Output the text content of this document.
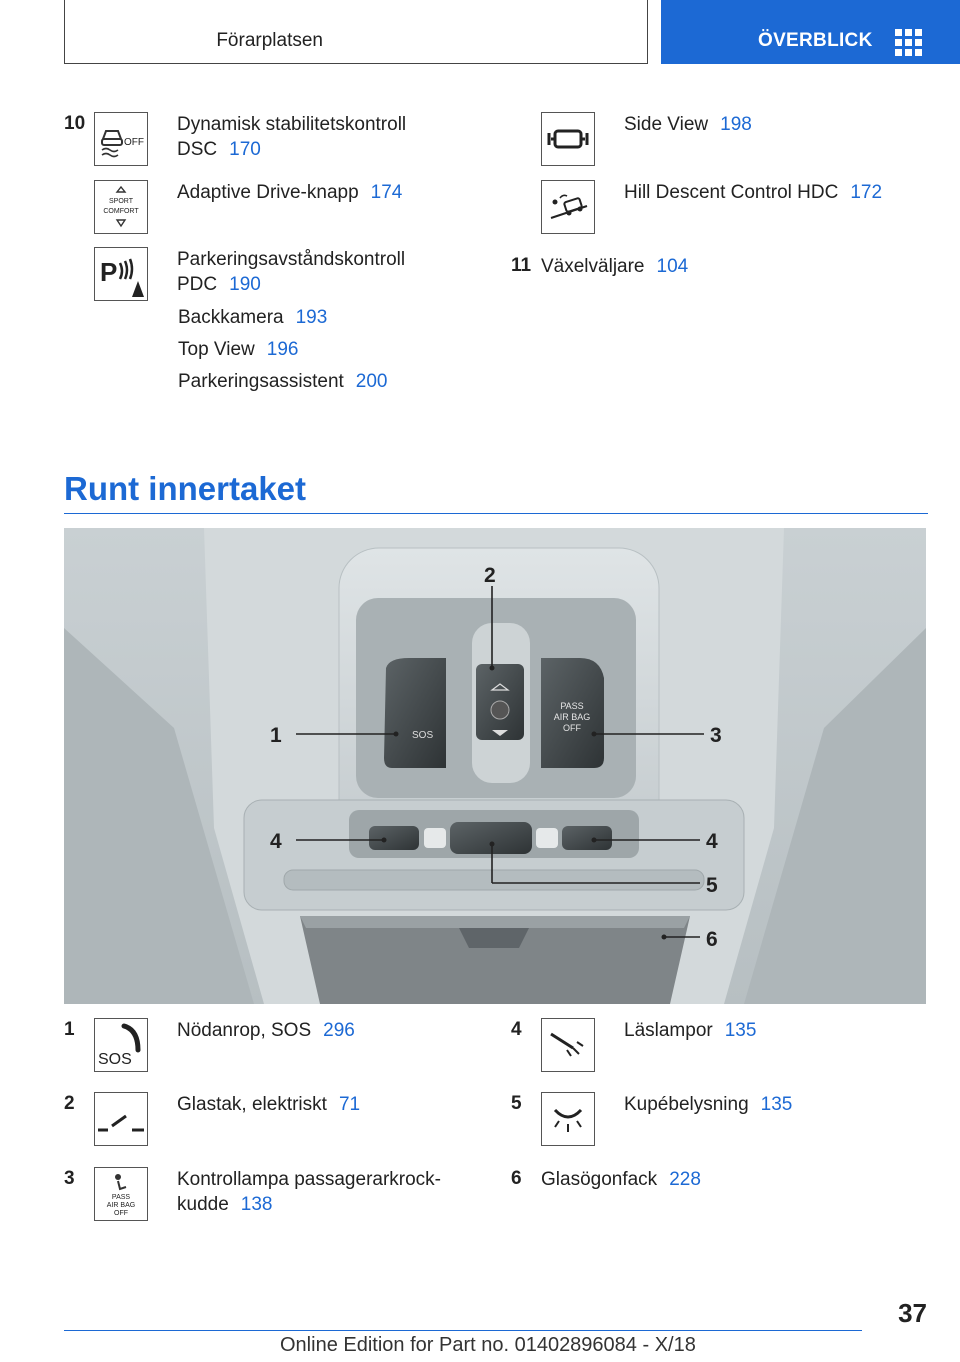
Förarplatsen	ÖVERBLICK
10
OFF
Dynamisk stabilitetskontroll DSC 170
SPORT
COMFORT
Adaptive Drive-knapp 174
P	Parkeringsavståndskontroll PDC 190
Backkamera 193
Top View 196
Parkeringsassistent 200
Side View 198
Hill Descent Control HDC 172
11 Växelväljare 104
Runt innertaket
SOS
PASS
AIR BAG
OFF
2
1	3
4	4
5
6
1
SOS
Nödanrop, SOS 296
2	Glastak, elektriskt 71
3
PASS
AIR BAG
OFF
Kontrollampa passagerarkrock-kudde 138
4	Läslampor 135
5	Kupébelysning 135
6	Glasögonfack 228
37
Online Edition for Part no. 01402896084 - X/18
